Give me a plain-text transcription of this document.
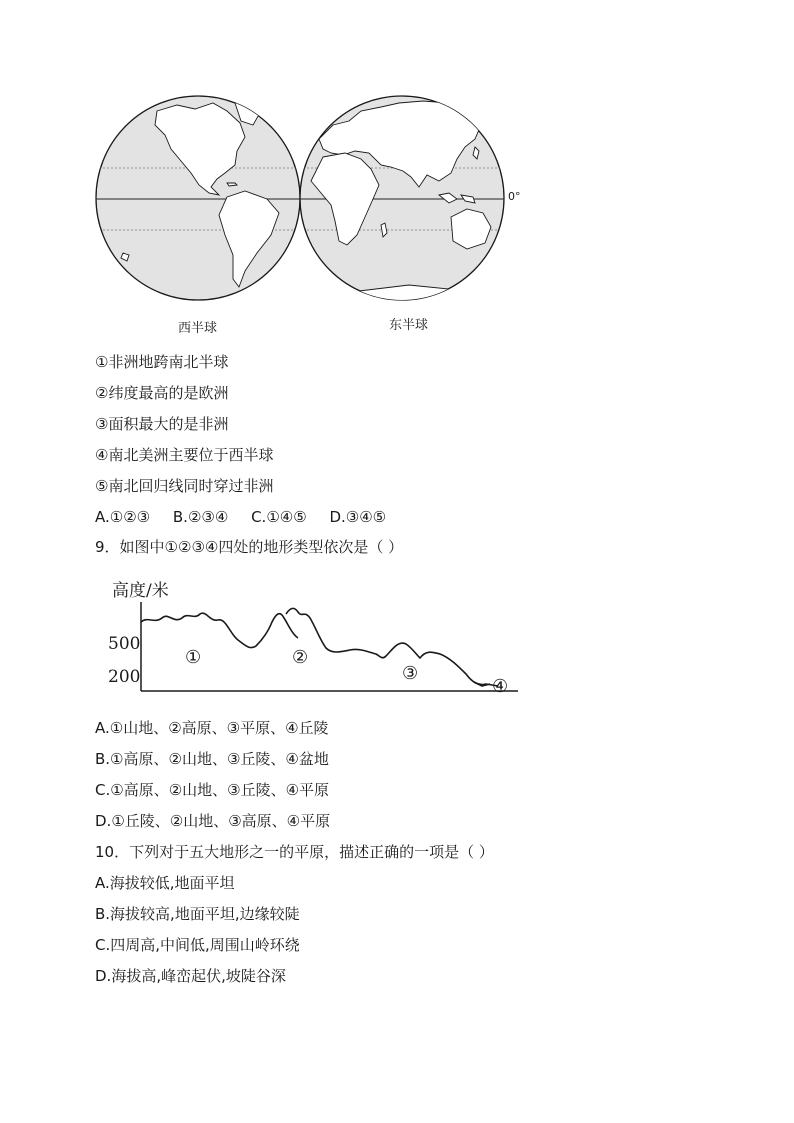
0°
西半球	东半球
①非洲地跨南北半球
②纬度最高的是欧洲
③面积最大的是非洲
④南北美洲主要位于西半球
⑤南北回归线同时穿过非洲
A.①②③ B.②③④ C.①④⑤ D.③④⑤
9．如图中①②③④四处的地形类型依次是（ ）
高度/米
500
200
①	②
③
④
A.①山地、②高原、③平原、④丘陵
B.①高原、②山地、③丘陵、④盆地
C.①高原、②山地、③丘陵、④平原
D.①丘陵、②山地、③高原、④平原
10．下列对于五大地形之一的平原，描述正确的一项是（ ）
A.海拔较低,地面平坦
B.海拔较高,地面平坦,边缘较陡
C.四周高,中间低,周围山岭环绕
D.海拔高,峰峦起伏,坡陡谷深
